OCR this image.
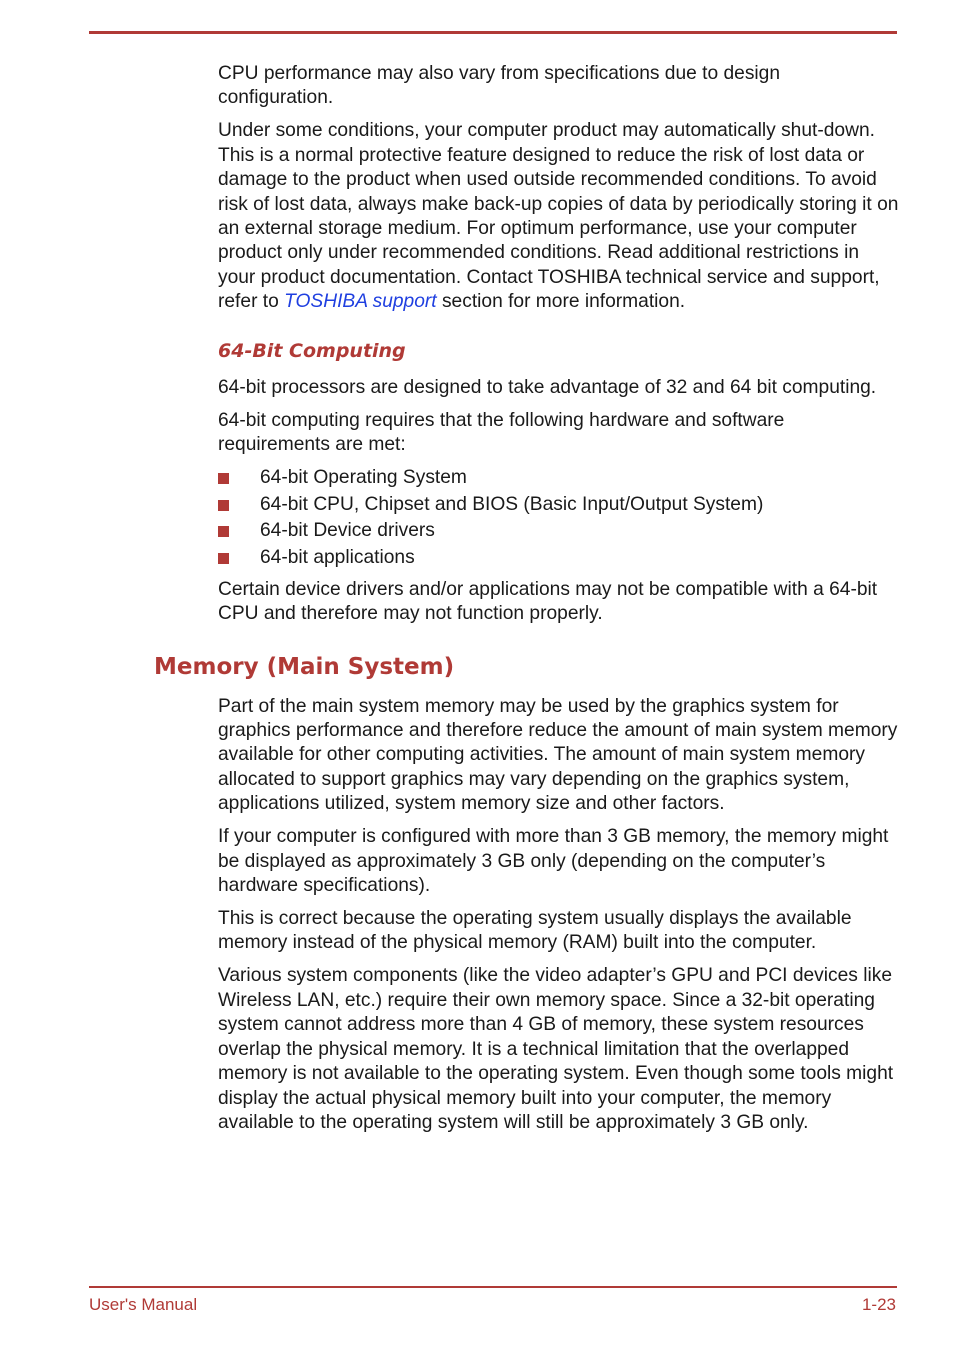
CPU performance may also vary from specifications due to design configuration.

Under some conditions, your computer product may automatically shut-down. This is a normal protective feature designed to reduce the risk of lost data or damage to the product when used outside recommended conditions. To avoid risk of lost data, always make back-up copies of data by periodically storing it on an external storage medium. For optimum performance, use your computer product only under recommended conditions. Read additional restrictions in your product documentation. Contact TOSHIBA technical service and support, refer to TOSHIBA support section for more information.

64-Bit Computing

64-bit processors are designed to take advantage of 32 and 64 bit computing.

64-bit computing requires that the following hardware and software requirements are met:

64-bit Operating System
64-bit CPU, Chipset and BIOS (Basic Input/Output System)
64-bit Device drivers
64-bit applications

Certain device drivers and/or applications may not be compatible with a 64-bit CPU and therefore may not function properly.

Memory (Main System)

Part of the main system memory may be used by the graphics system for graphics performance and therefore reduce the amount of main system memory available for other computing activities. The amount of main system memory allocated to support graphics may vary depending on the graphics system, applications utilized, system memory size and other factors.

If your computer is configured with more than 3 GB memory, the memory might be displayed as approximately 3 GB only (depending on the computer’s hardware specifications).

This is correct because the operating system usually displays the available memory instead of the physical memory (RAM) built into the computer.

Various system components (like the video adapter’s GPU and PCI devices like Wireless LAN, etc.) require their own memory space. Since a 32-bit operating system cannot address more than 4 GB of memory, these system resources overlap the physical memory. It is a technical limitation that the overlapped memory is not available to the operating system. Even though some tools might display the actual physical memory built into your computer, the memory available to the operating system will still be approximately 3 GB only.

User's Manual	1-23
